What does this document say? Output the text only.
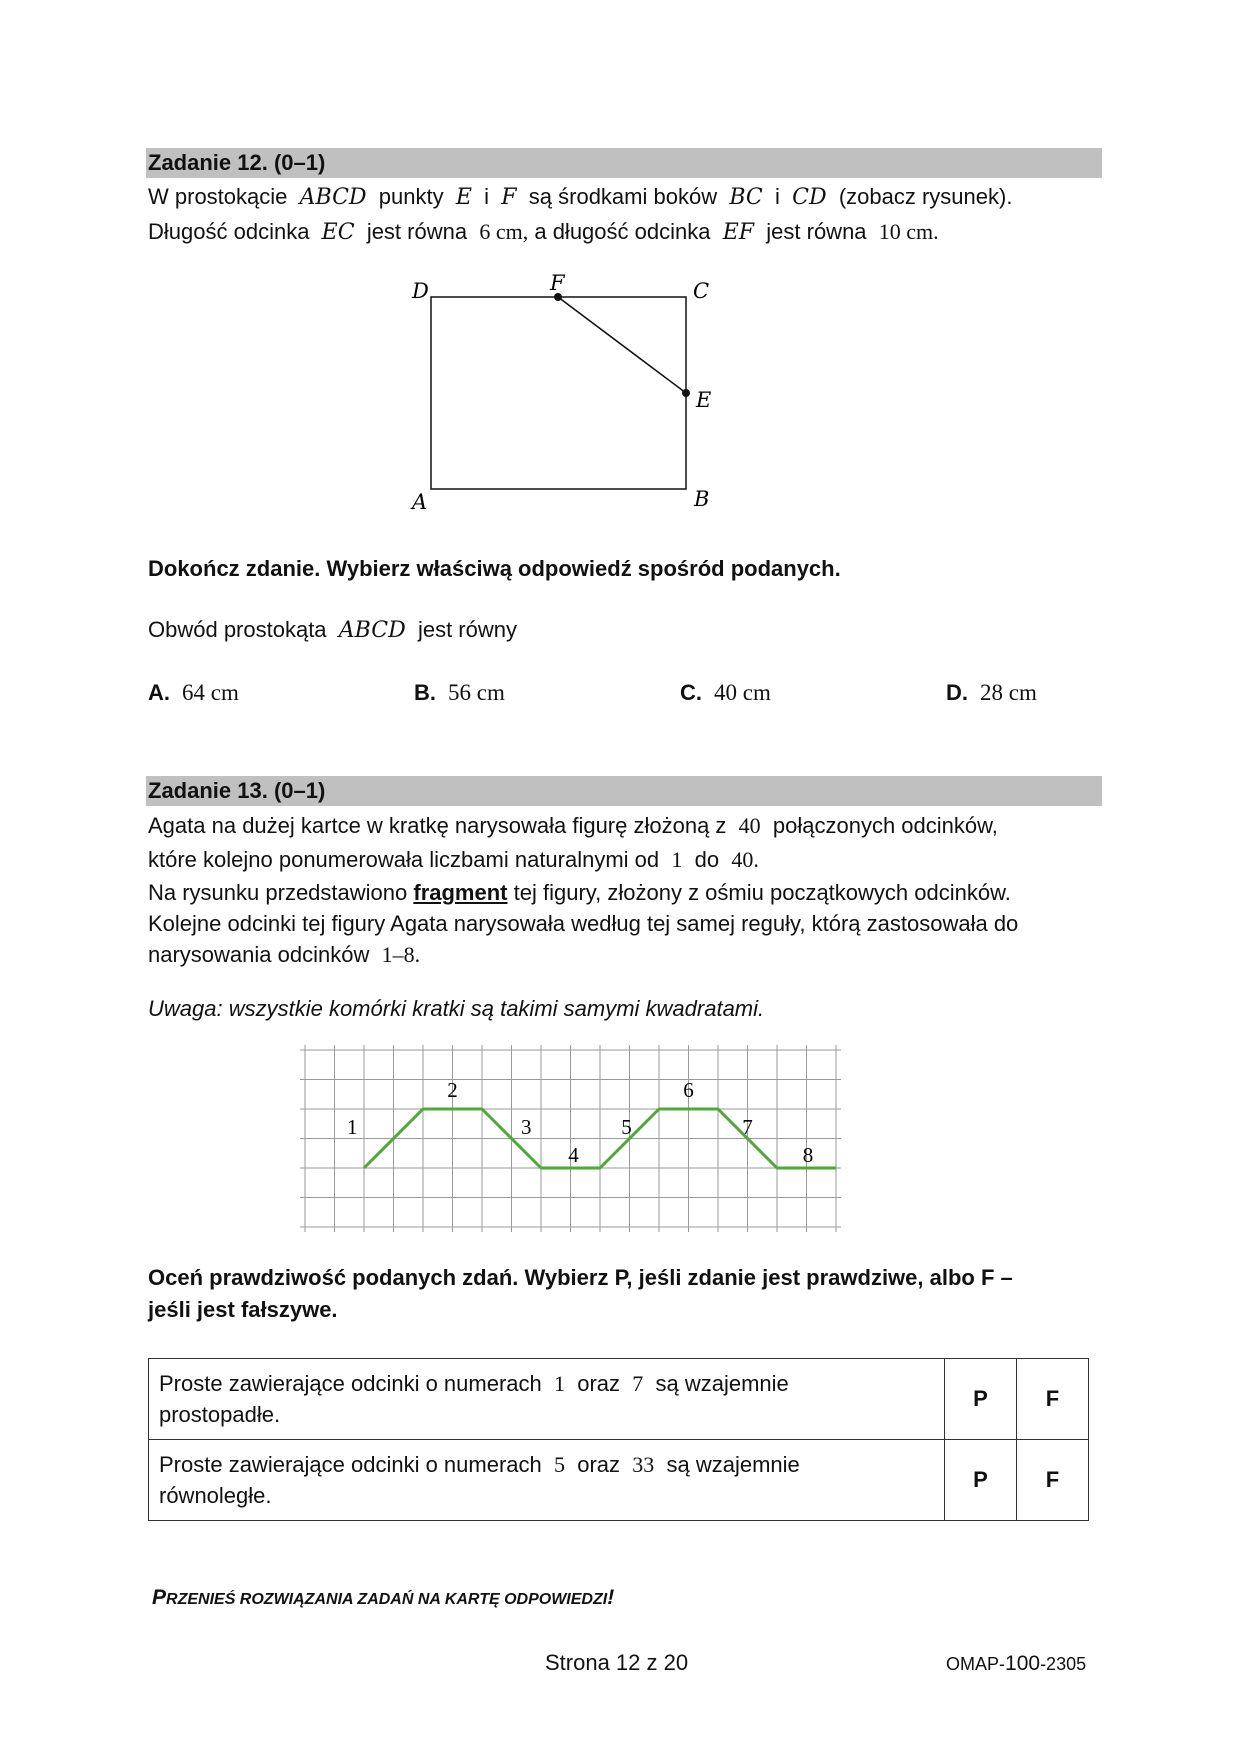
Zadanie 12. (0–1)
W prostokącie ABCD punkty E i F są środkami boków BC i CD (zobacz rysunek).
Długość odcinka EC jest równa 6 cm, a długość odcinka EF jest równa 10 cm.
D	F	C
E
A	B
Dokończ zdanie. Wybierz właściwą odpowiedź spośród podanych.
Obwód prostokąta ABCD jest równy
A. 64 cm	B. 56 cm	C. 40 cm	D. 28 cm
Zadanie 13. (0–1)
Agata na dużej kartce w kratkę narysowała figurę złożoną z 40 połączonych odcinków,
które kolejno ponumerowała liczbami naturalnymi od 1 do 40.
Na rysunku przedstawiono fragment tej figury, złożony z ośmiu początkowych odcinków.
Kolejne odcinki tej figury Agata narysowała według tej samej reguły, którą zastosowała do
narysowania odcinków 1–8.
Uwaga: wszystkie komórki kratki są takimi samymi kwadratami.
1
2
3
4
5
6
7
8
Oceń prawdziwość podanych zdań. Wybierz P, jeśli zdanie jest prawdziwe, albo F –
jeśli jest fałszywe.
Proste zawierające odcinki o numerach 1 oraz 7 są wzajemnie
prostopadłe.	P	F
Proste zawierające odcinki o numerach 5 oraz 33 są wzajemnie
równoległe.	P	F
PRZENIEŚ ROZWIĄZANIA ZADAŃ NA KARTĘ ODPOWIEDZI!
Strona 12 z 20	OMAP-100-2305
